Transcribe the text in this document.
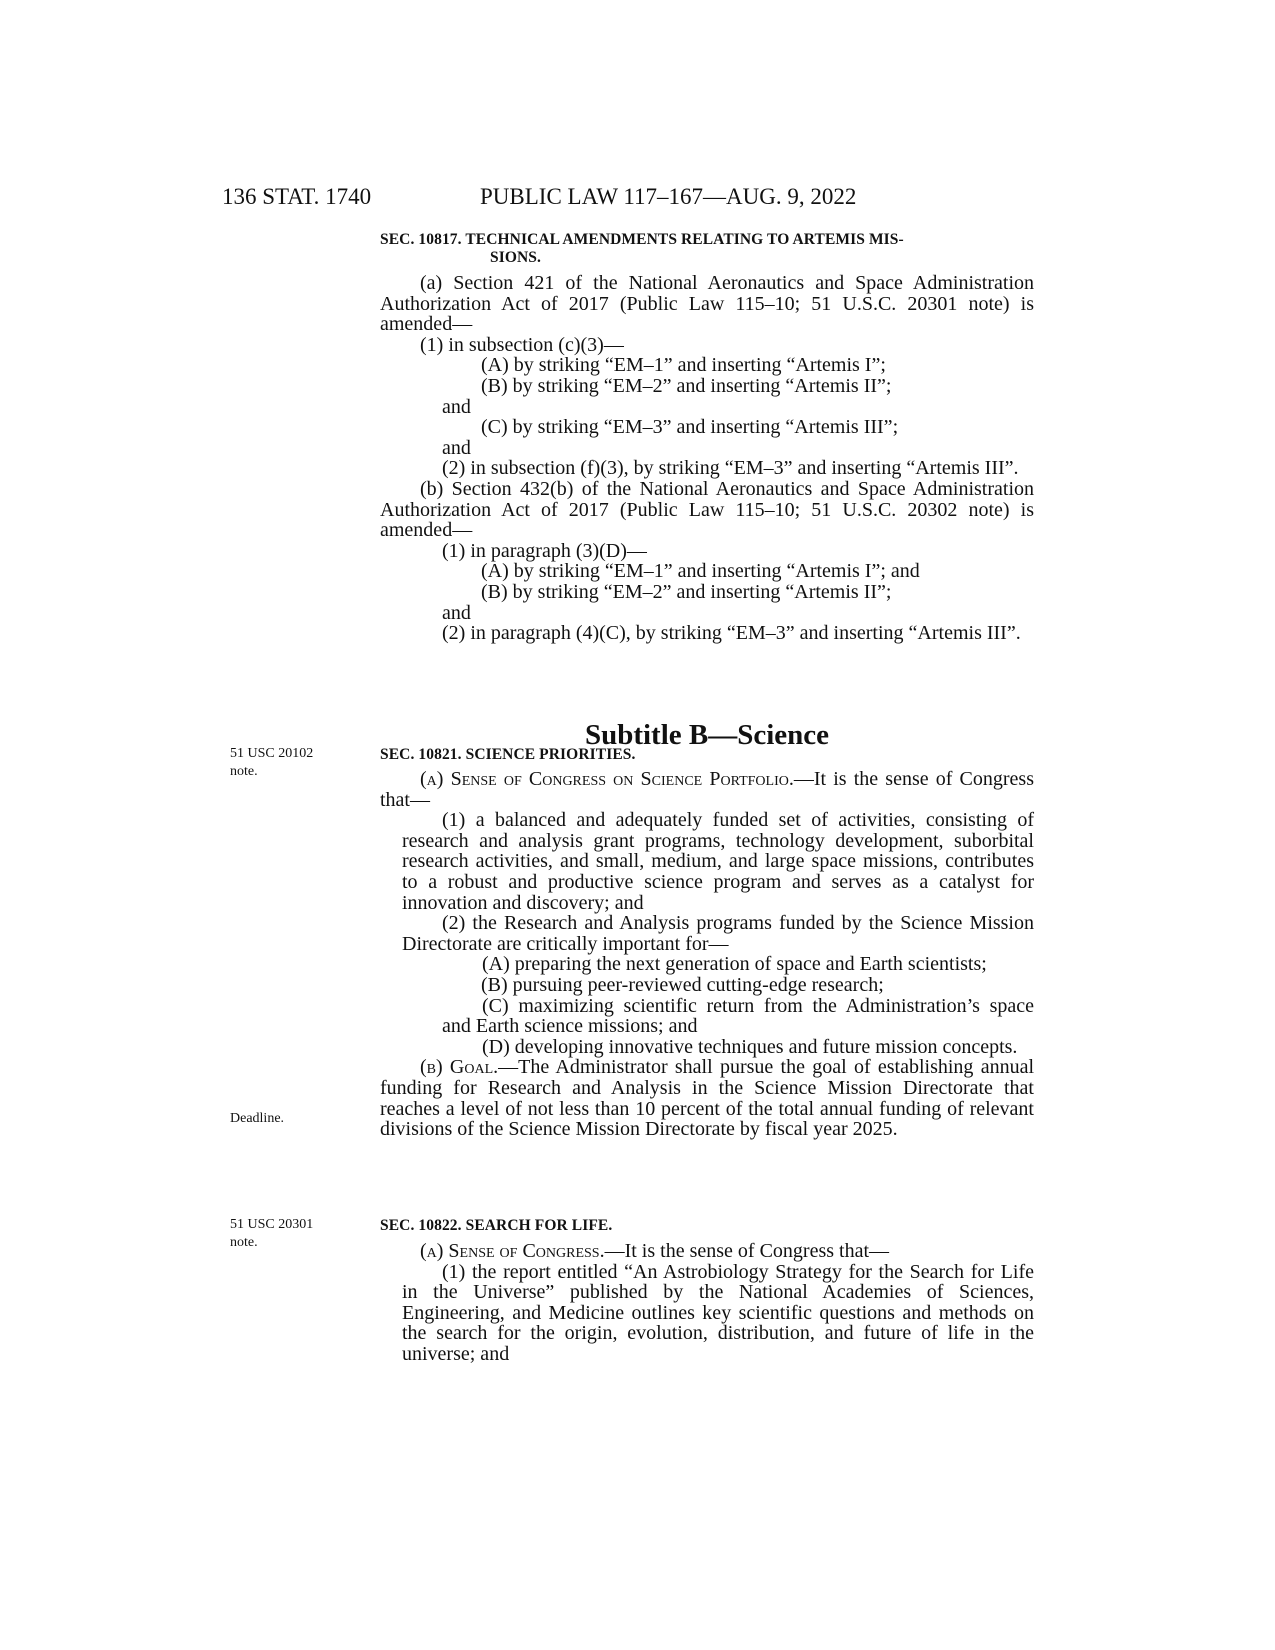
136 STAT. 1740	PUBLIC LAW 117–167—AUG. 9, 2022
SEC. 10817. TECHNICAL AMENDMENTS RELATING TO ARTEMIS MIS-
SIONS.

(a) Section 421 of the National Aeronautics and Space Administration Authorization Act of 2017 (Public Law 115–10; 51 U.S.C. 20301 note) is amended—

(1) in subsection (c)(3)—

(A) by striking “EM–1” and inserting “Artemis I”;

(B) by striking “EM–2” and inserting “Artemis II”;

and

(C) by striking “EM–3” and inserting “Artemis III”;

and

(2) in subsection (f)(3), by striking “EM–3” and inserting “Artemis III”.

(b) Section 432(b) of the National Aeronautics and Space Administration Authorization Act of 2017 (Public Law 115–10; 51 U.S.C. 20302 note) is amended—

(1) in paragraph (3)(D)—

(A) by striking “EM–1” and inserting “Artemis I”; and

(B) by striking “EM–2” and inserting “Artemis II”;

and

(2) in paragraph (4)(C), by striking “EM–3” and inserting “Artemis III”.

Subtitle B—Science
51 USC 20102
note.
SEC. 10821. SCIENCE PRIORITIES.

(a) Sense of Congress on Science Portfolio.—It is the sense of Congress that—

(1) a balanced and adequately funded set of activities, consisting of research and analysis grant programs, technology development, suborbital research activities, and small, medium, and large space missions, contributes to a robust and productive science program and serves as a catalyst for innovation and discovery; and

(2) the Research and Analysis programs funded by the Science Mission Directorate are critically important for—

(A) preparing the next generation of space and Earth scientists;

(B) pursuing peer-reviewed cutting-edge research;

(C) maximizing scientific return from the Administration’s space and Earth science missions; and

(D) developing innovative techniques and future mission concepts.

(b) Goal.—The Administrator shall pursue the goal of establishing annual funding for Research and Analysis in the Science Mission Directorate that reaches a level of not less than 10 percent of the total annual funding of relevant divisions of the Science Mission Directorate by fiscal year 2025.

Deadline.
51 USC 20301
note.
SEC. 10822. SEARCH FOR LIFE.

(a) Sense of Congress.—It is the sense of Congress that—

(1) the report entitled “An Astrobiology Strategy for the Search for Life in the Universe” published by the National Academies of Sciences, Engineering, and Medicine outlines key scientific questions and methods on the search for the origin, evolution, distribution, and future of life in the universe; and
